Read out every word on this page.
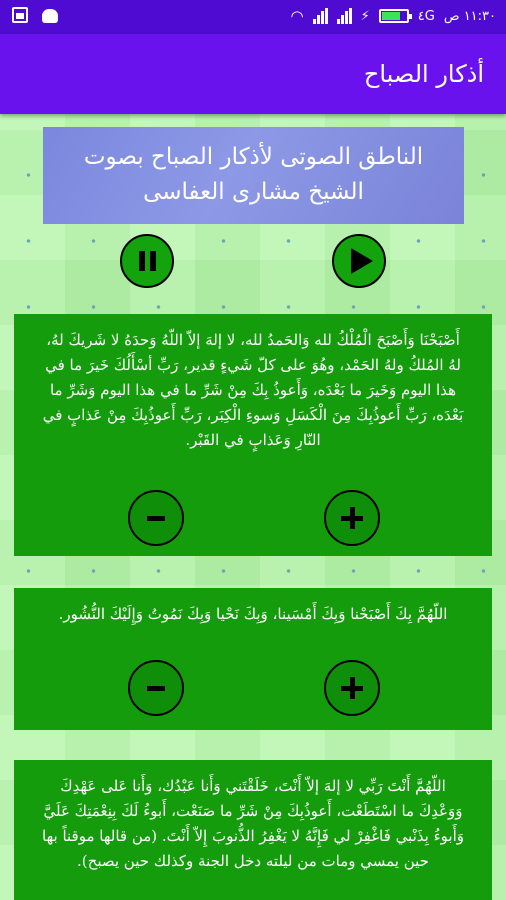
◠	⚡	٤G ١١:٣٠ ص
أذكار الصباح
الناطق الصوتى لأذكار الصباح بصوت الشيخ مشارى العفاسى
أَصْبَحْنَا وَأَصْبَحَ الْمُلْكُ لله وَالحَمدُ لله، لا إلهَ إلاّ اللّهُ وَحدَهُ لا شَريكَ لهُ، لهُ المُلكُ ولهُ الحَمْد، وهُوَ على كلّ شَيءٍ قدير، رَبِّ أسْأَلُكَ خَيرَ ما في هذا اليوم وَخَيرَ ما بَعْدَه، وَأَعوذُ بِكَ مِنْ شَرِّ ما في هذا اليوم وَشَرِّ ما بَعْدَه، رَبِّ أَعوذُبِكَ مِنَ الْكَسَلِ وَسوءِ الْكِبَر، رَبِّ أَعوذُبِكَ مِنْ عَذابٍ في النّارِ وَعَذابٍ في القَبْر.
اللّهُمَّ بِكَ أَصْبَحْنا وَبِكَ أَمْسَينا، وَبِكَ نَحْيا وَبِكَ نَمُوتُ وَإِلَيْكَ النُّشُور.
اللّهُمَّ أَنْتَ رَبِّي لا إلهَ إلاّ أَنْتَ، خَلَقْتَني وَأَنا عَبْدُك، وَأَنا عَلى عَهْدِكَ وَوَعْدِكَ ما اسْتَطَعْت، أَعوذُبِكَ مِنْ شَرِّ ما صَنَعْت، أَبوءُ لَكَ بِنِعْمَتِكَ عَلَيَّ وَأَبوءُ بِذَنْبي فَاغْفِرْ لي فَإِنَّهُ لا يَغْفِرُ الذُّنوبَ إِلاّ أَنْتَ. (من قالها موقناً بها حين يمسي ومات من ليلته دخل الجنة وكذلك حين يصبح).
